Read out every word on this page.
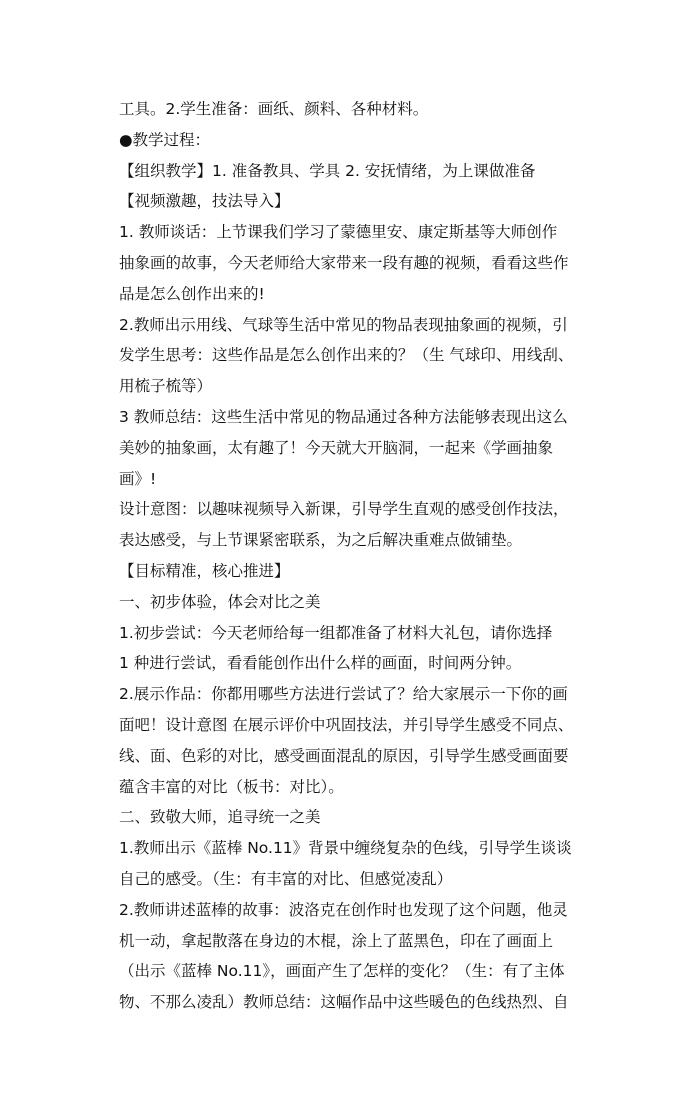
工具。2.学生准备：画纸、颜料、各种材料。
●教学过程：
【组织教学】1. 准备教具、学具 2. 安抚情绪，为上课做准备
【视频激趣，技法导入】
1. 教师谈话：上节课我们学习了蒙德里安、康定斯基等大师创作
抽象画的故事，今天老师给大家带来一段有趣的视频，看看这些作
品是怎么创作出来的!
2.教师出示用线、气球等生活中常见的物品表现抽象画的视频，引
发学生思考：这些作品是怎么创作出来的？（生 气球印、用线刮、
用梳子梳等）
3 教师总结：这些生活中常见的物品通过各种方法能够表现出这么
美妙的抽象画，太有趣了！今天就大开脑洞，一起来《学画抽象
画》!
设计意图：以趣味视频导入新课，引导学生直观的感受创作技法，
表达感受，与上节课紧密联系，为之后解决重难点做铺垫。
【目标精准，核心推进】
一、初步体验，体会对比之美
1.初步尝试：今天老师给每一组都准备了材料大礼包，请你选择
1 种进行尝试，看看能创作出什么样的画面，时间两分钟。
2.展示作品：你都用哪些方法进行尝试了？给大家展示一下你的画
面吧！设计意图 在展示评价中巩固技法，并引导学生感受不同点、
线、面、色彩的对比，感受画面混乱的原因，引导学生感受画面要
蕴含丰富的对比（板书：对比）。
二、致敬大师，追寻统一之美
1.教师出示《蓝棒 No.11》背景中缠绕复杂的色线，引导学生谈谈
自己的感受。（生：有丰富的对比、但感觉凌乱）
2.教师讲述蓝棒的故事：波洛克在创作时也发现了这个问题，他灵
机一动，拿起散落在身边的木棍，涂上了蓝黑色，印在了画面上
（出示《蓝棒 No.11》，画面产生了怎样的变化？（生：有了主体
物、不那么凌乱）教师总结：这幅作品中这些暖色的色线热烈、自
